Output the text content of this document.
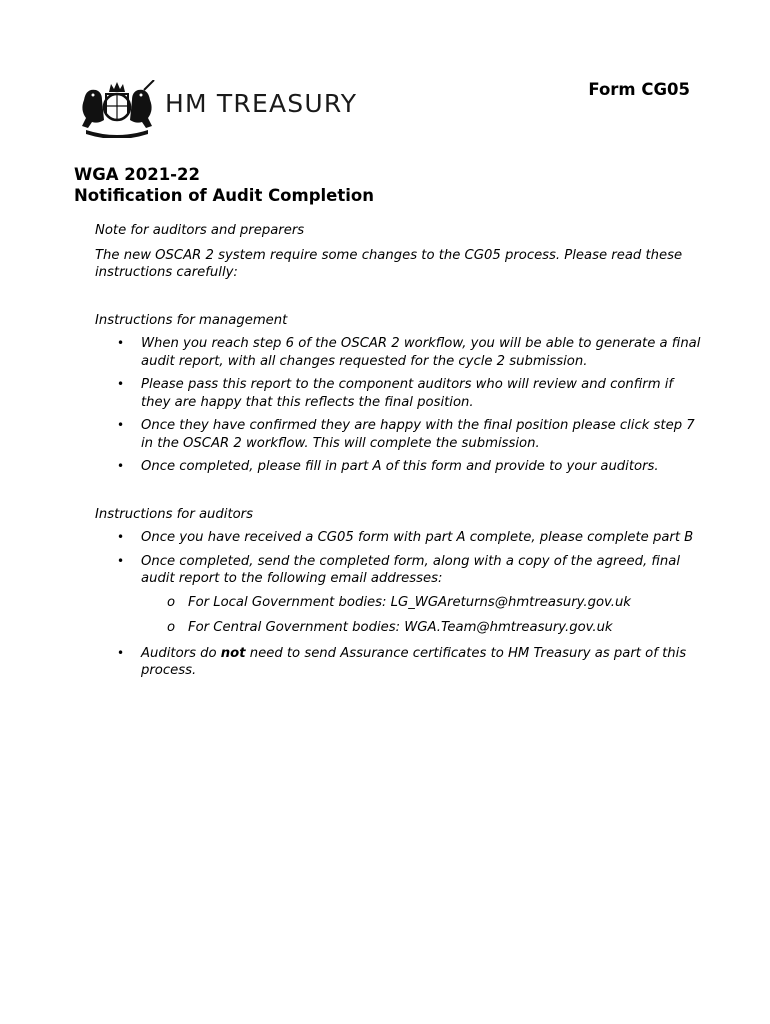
HM TREASURY	Form CG05

WGA 2021-22

Notification of Audit Completion

Note for auditors and preparers

The new OSCAR 2 system require some changes to the CG05 process. Please read these instructions carefully:

Instructions for management

• When you reach step 6 of the OSCAR 2 workflow, you will be able to generate a final audit report, with all changes requested for the cycle 2 submission.
• Please pass this report to the component auditors who will review and confirm if they are happy that this reflects the final position.
• Once they have confirmed they are happy with the final position please click step 7 in the OSCAR 2 workflow. This will complete the submission.
• Once completed, please fill in part A of this form and provide to your auditors.

Instructions for auditors

• Once you have received a CG05 form with part A complete, please complete part B
• Once completed, send the completed form, along with a copy of the agreed, final audit report to the following email addresses:
o For Local Government bodies: LG_WGAreturns@hmtreasury.gov.uk
o For Central Government bodies: WGA.Team@hmtreasury.gov.uk
• Auditors do not need to send Assurance certificates to HM Treasury as part of this process.
